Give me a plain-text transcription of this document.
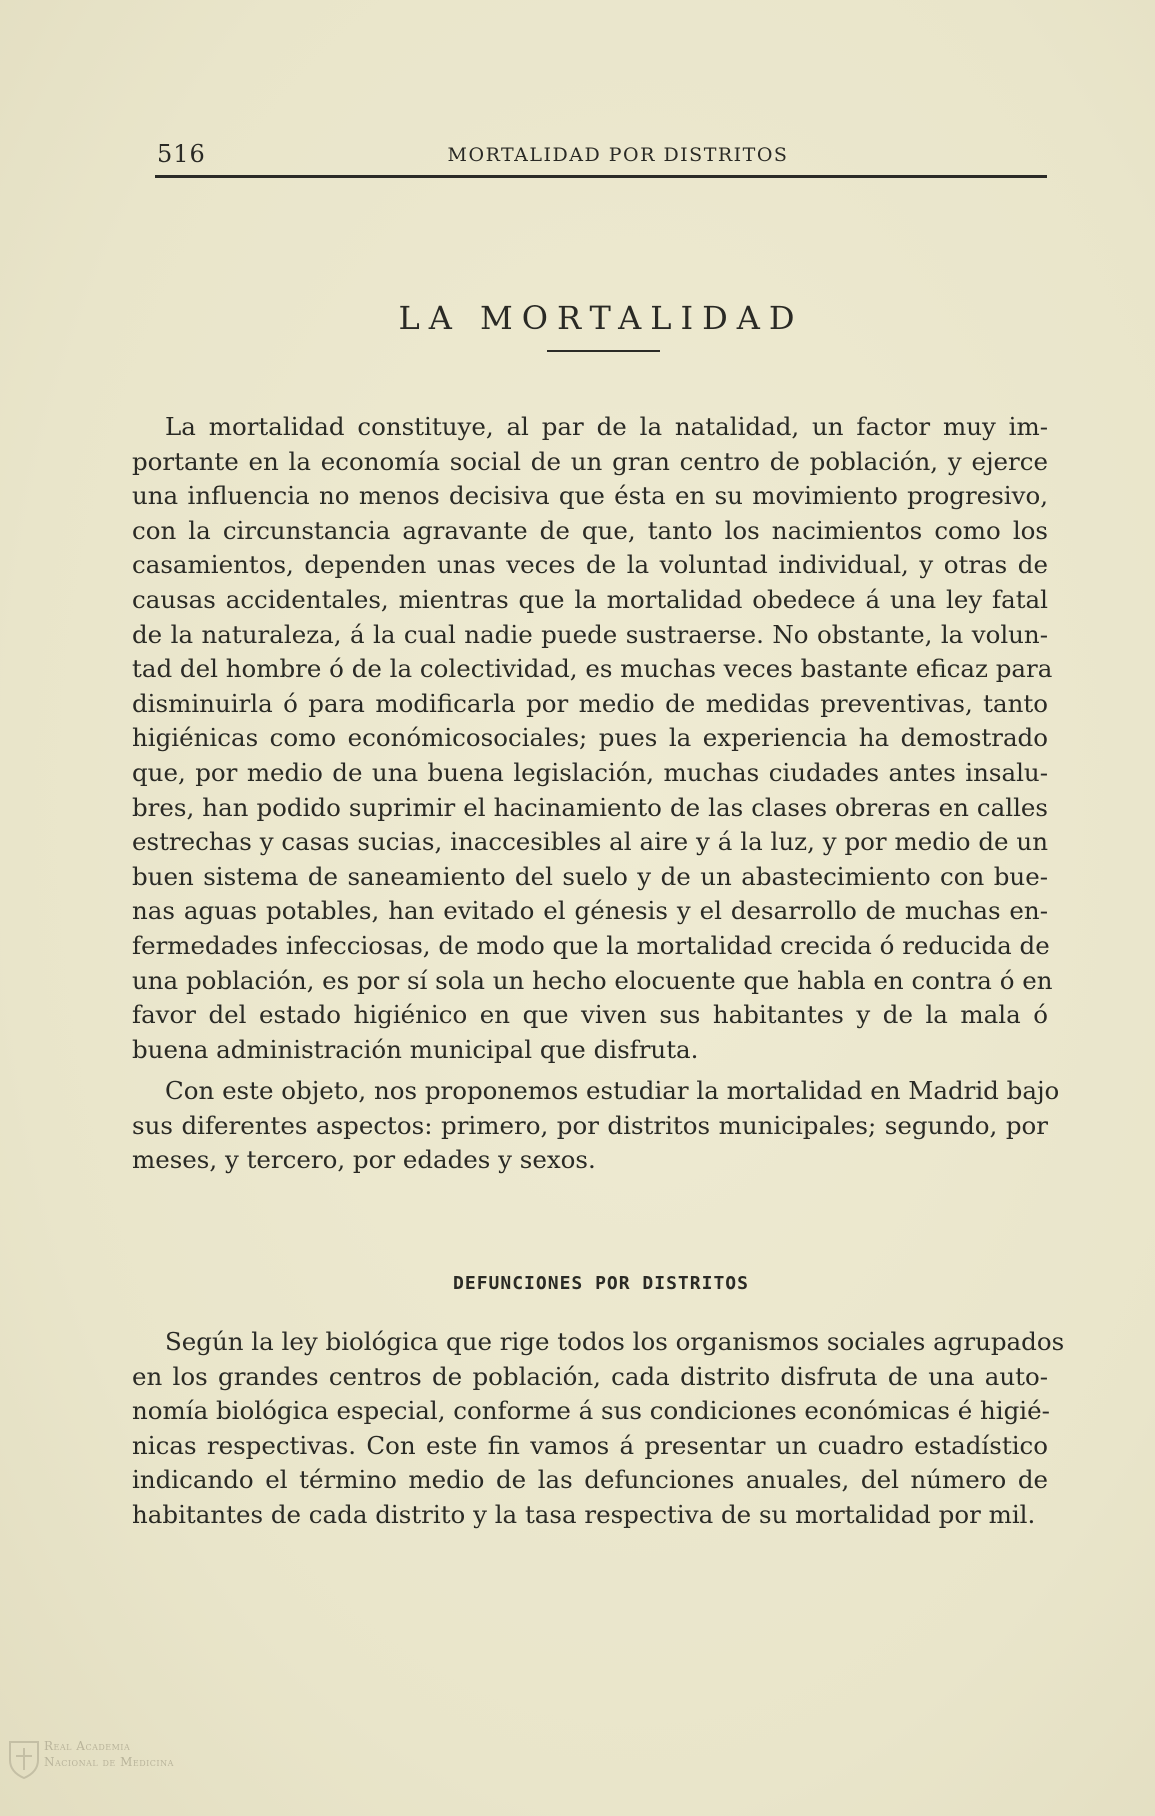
516	MORTALIDAD POR DISTRITOS
LA MORTALIDAD
La mortalidad constituye, al par de la natalidad, un factor muy im-
portante en la economía social de un gran centro de población, y ejerce
una influencia no menos decisiva que ésta en su movimiento progresivo,
con la circunstancia agravante de que, tanto los nacimientos como los
casamientos, dependen unas veces de la voluntad individual, y otras de
causas accidentales, mientras que la mortalidad obedece á una ley fatal
de la naturaleza, á la cual nadie puede sustraerse. No obstante, la volun-
tad del hombre ó de la colectividad, es muchas veces bastante eficaz para
disminuirla ó para modificarla por medio de medidas preventivas, tanto
higiénicas como económicosociales; pues la experiencia ha demostrado
que, por medio de una buena legislación, muchas ciudades antes insalu-
bres, han podido suprimir el hacinamiento de las clases obreras en calles
estrechas y casas sucias, inaccesibles al aire y á la luz, y por medio de un
buen sistema de saneamiento del suelo y de un abastecimiento con bue-
nas aguas potables, han evitado el génesis y el desarrollo de muchas en-
fermedades infecciosas, de modo que la mortalidad crecida ó reducida de
una población, es por sí sola un hecho elocuente que habla en contra ó en
favor del estado higiénico en que viven sus habitantes y de la mala ó
buena administración municipal que disfruta.
Con este objeto, nos proponemos estudiar la mortalidad en Madrid bajo
sus diferentes aspectos: primero, por distritos municipales; segundo, por
meses, y tercero, por edades y sexos.
DEFUNCIONES POR DISTRITOS
Según la ley biológica que rige todos los organismos sociales agrupados
en los grandes centros de población, cada distrito disfruta de una auto-
nomía biológica especial, conforme á sus condiciones económicas é higié-
nicas respectivas. Con este fin vamos á presentar un cuadro estadístico
indicando el término medio de las defunciones anuales, del número de
habitantes de cada distrito y la tasa respectiva de su mortalidad por mil.
Real Academia
Nacional de Medicina
